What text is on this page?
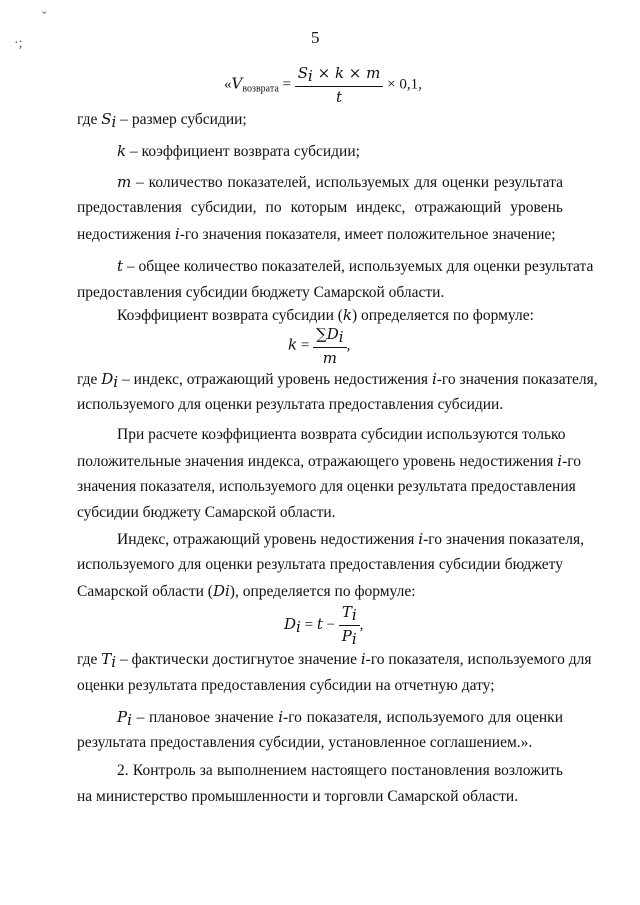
ˇ
·;	5
«$V_{возврата} = \frac{S_i \times k \times m}{t} \times 0,1$,
где $S_i$ – размер субсидии;
k – коэффициент возврата субсидии;
m – количество показателей, используемых для оценки результата
предоставления субсидии, по которым индекс, отражающий уровень
недостижения i-го значения показателя, имеет положительное значение;
t – общее количество показателей, используемых для оценки результата
предоставления субсидии бюджету Самарской области.
Коэффициент возврата субсидии (k) определяется по формуле:
$k = \frac{\sum D_i}{m}$ ,
где $D_i$ – индекс, отражающий уровень недостижения i-го значения показателя,
используемого для оценки результата предоставления субсидии.
При расчете коэффициента возврата субсидии используются только
положительные значения индекса, отражающего уровень недостижения i-го
значения показателя, используемого для оценки результата предоставления
субсидии бюджету Самарской области.
Индекс, отражающий уровень недостижения i-го значения показателя,
используемого для оценки результата предоставления субсидии бюджету
Самарской области (Di), определяется по формуле:
$D_i = t - \frac{T_i}{P_i}$ ,
где $T_i$ – фактически достигнутое значение i-го показателя, используемого для
оценки результата предоставления субсидии на отчетную дату;
$P_i$ – плановое значение i-го показателя, используемого для оценки
результата предоставления субсидии, установленное соглашением.».
2. Контроль за выполнением настоящего постановления возложить
на министерство промышленности и торговли Самарской области.
